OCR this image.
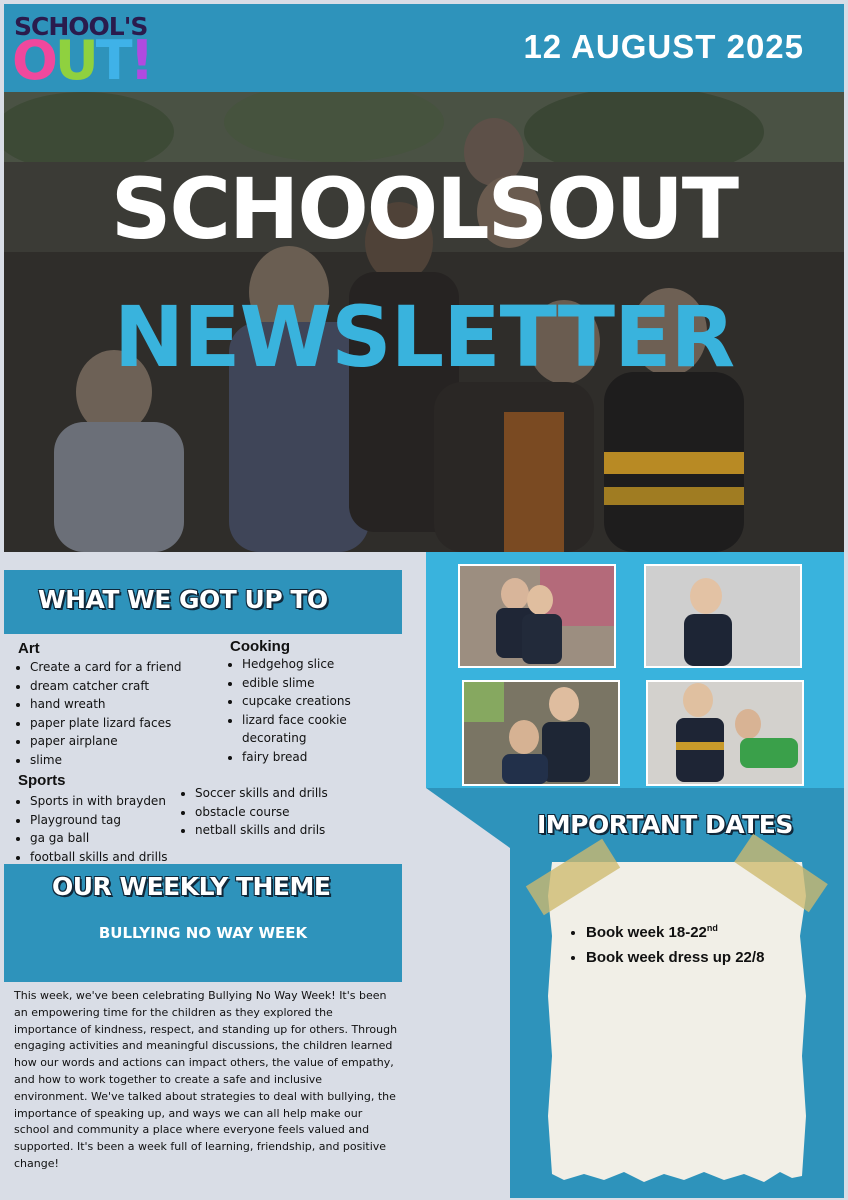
SCHOOL'S
OUT!	12 AUGUST 2025
SCHOOLSOUT
NEWSLETTER
WHAT WE GOT UP TO
Art
• Create a card for a friend
• dream catcher craft
• hand wreath
• paper plate lizard faces
• paper airplane
• slime
Cooking
• Hedgehog slice
• edible slime
• cupcake creations
• lizard face cookie
decorating
• fairy bread
Sports
• Sports in with brayden
• Playground tag
• ga ga ball
• football skills and drills
• Soccer skills and drills
• obstacle course
• netball skills and drils
BULLYING NO WAY WEEK
OUR WEEKLY THEME
This week, we've been celebrating Bullying No Way Week! It's been an empowering time for the children as they explored the importance of kindness, respect, and standing up for others. Through engaging activities and meaningful discussions, the children learned how our words and actions can impact others, the value of empathy, and how to work together to create a safe and inclusive environment. We've talked about strategies to deal with bullying, the importance of speaking up, and ways we can all help make our school and community a place where everyone feels valued and supported. It's been a week full of learning, friendship, and positive change!
IMPORTANT DATES
• Book week 18-22nd
• Book week dress up 22/8
